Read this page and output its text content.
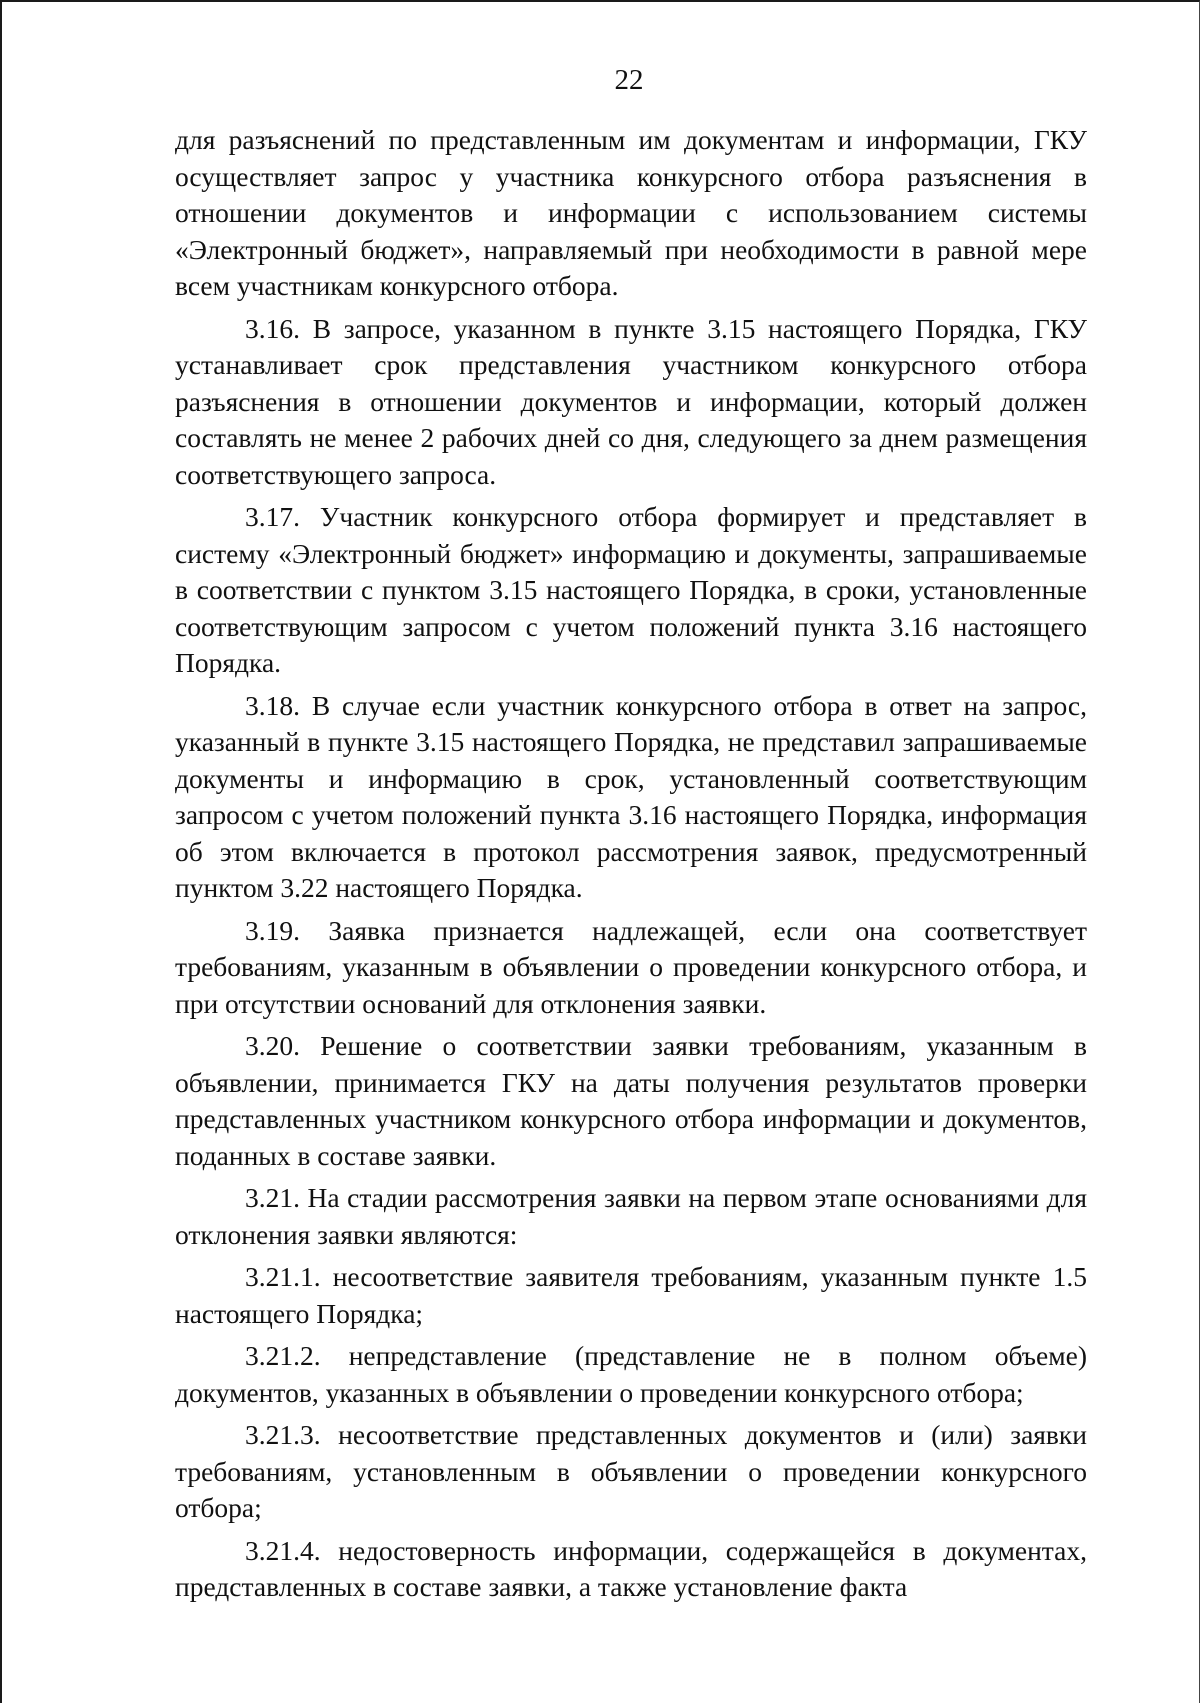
22

для разъяснений по представленным им документам и информации, ГКУ осуществляет запрос у участника конкурсного отбора разъяснения в отношении документов и информации с использованием системы «Электронный бюджет», направляемый при необходимости в равной мере всем участникам конкурсного отбора.

3.16. В запросе, указанном в пункте 3.15 настоящего Порядка, ГКУ устанавливает срок представления участником конкурсного отбора разъяснения в отношении документов и информации, который должен составлять не менее 2 рабочих дней со дня, следующего за днем размещения соответствующего запроса.

3.17. Участник конкурсного отбора формирует и представляет в систему «Электронный бюджет» информацию и документы, запрашиваемые в соответствии с пунктом 3.15 настоящего Порядка, в сроки, установленные соответствующим запросом с учетом положений пункта 3.16 настоящего Порядка.

3.18. В случае если участник конкурсного отбора в ответ на запрос, указанный в пункте 3.15 настоящего Порядка, не представил запрашиваемые документы и информацию в срок, установленный соответствующим запросом с учетом положений пункта 3.16 настоящего Порядка, информация об этом включается в протокол рассмотрения заявок, предусмотренный пунктом 3.22 настоящего Порядка.

3.19. Заявка признается надлежащей, если она соответствует требованиям, указанным в объявлении о проведении конкурсного отбора, и при отсутствии оснований для отклонения заявки.

3.20. Решение о соответствии заявки требованиям, указанным в объявлении, принимается ГКУ на даты получения результатов проверки представленных участником конкурсного отбора информации и документов, поданных в составе заявки.

3.21. На стадии рассмотрения заявки на первом этапе основаниями для отклонения заявки являются:

3.21.1. несоответствие заявителя требованиям, указанным пункте 1.5 настоящего Порядка;

3.21.2. непредставление (представление не в полном объеме) документов, указанных в объявлении о проведении конкурсного отбора;

3.21.3. несоответствие представленных документов и (или) заявки требованиям, установленным в объявлении о проведении конкурсного отбора;

3.21.4. недостоверность информации, содержащейся в документах, представленных в составе заявки, а также установление факта
